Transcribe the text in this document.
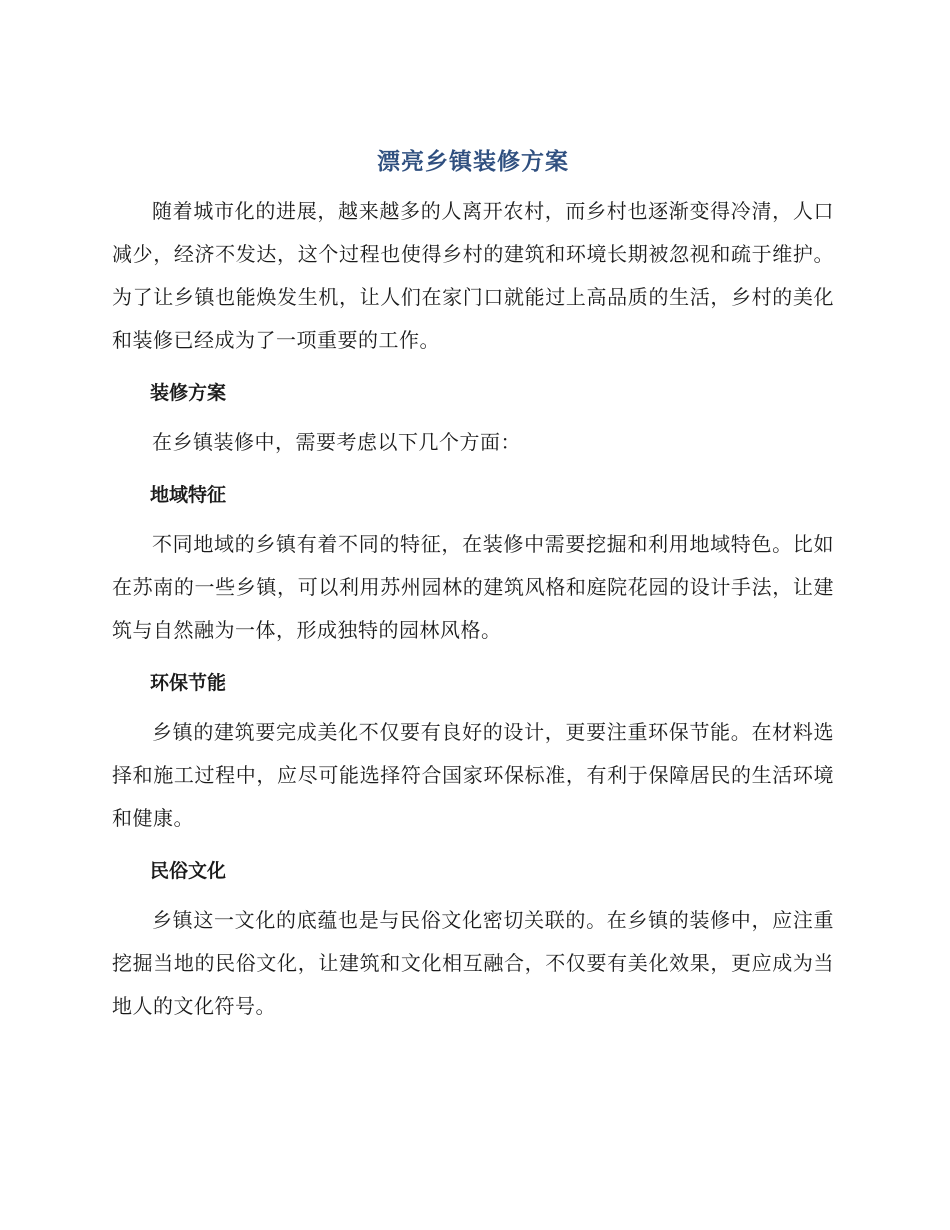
漂亮乡镇装修方案

随着城市化的进展，越来越多的人离开农村，而乡村也逐渐变得冷清，人口减少，经济不发达，这个过程也使得乡村的建筑和环境长期被忽视和疏于维护。为了让乡镇也能焕发生机，让人们在家门口就能过上高品质的生活，乡村的美化和装修已经成为了一项重要的工作。

装修方案

在乡镇装修中，需要考虑以下几个方面：

地域特征

不同地域的乡镇有着不同的特征，在装修中需要挖掘和利用地域特色。比如在苏南的一些乡镇，可以利用苏州园林的建筑风格和庭院花园的设计手法，让建筑与自然融为一体，形成独特的园林风格。

环保节能

乡镇的建筑要完成美化不仅要有良好的设计，更要注重环保节能。在材料选择和施工过程中，应尽可能选择符合国家环保标准，有利于保障居民的生活环境和健康。

民俗文化

乡镇这一文化的底蕴也是与民俗文化密切关联的。在乡镇的装修中，应注重挖掘当地的民俗文化，让建筑和文化相互融合，不仅要有美化效果，更应成为当地人的文化符号。
